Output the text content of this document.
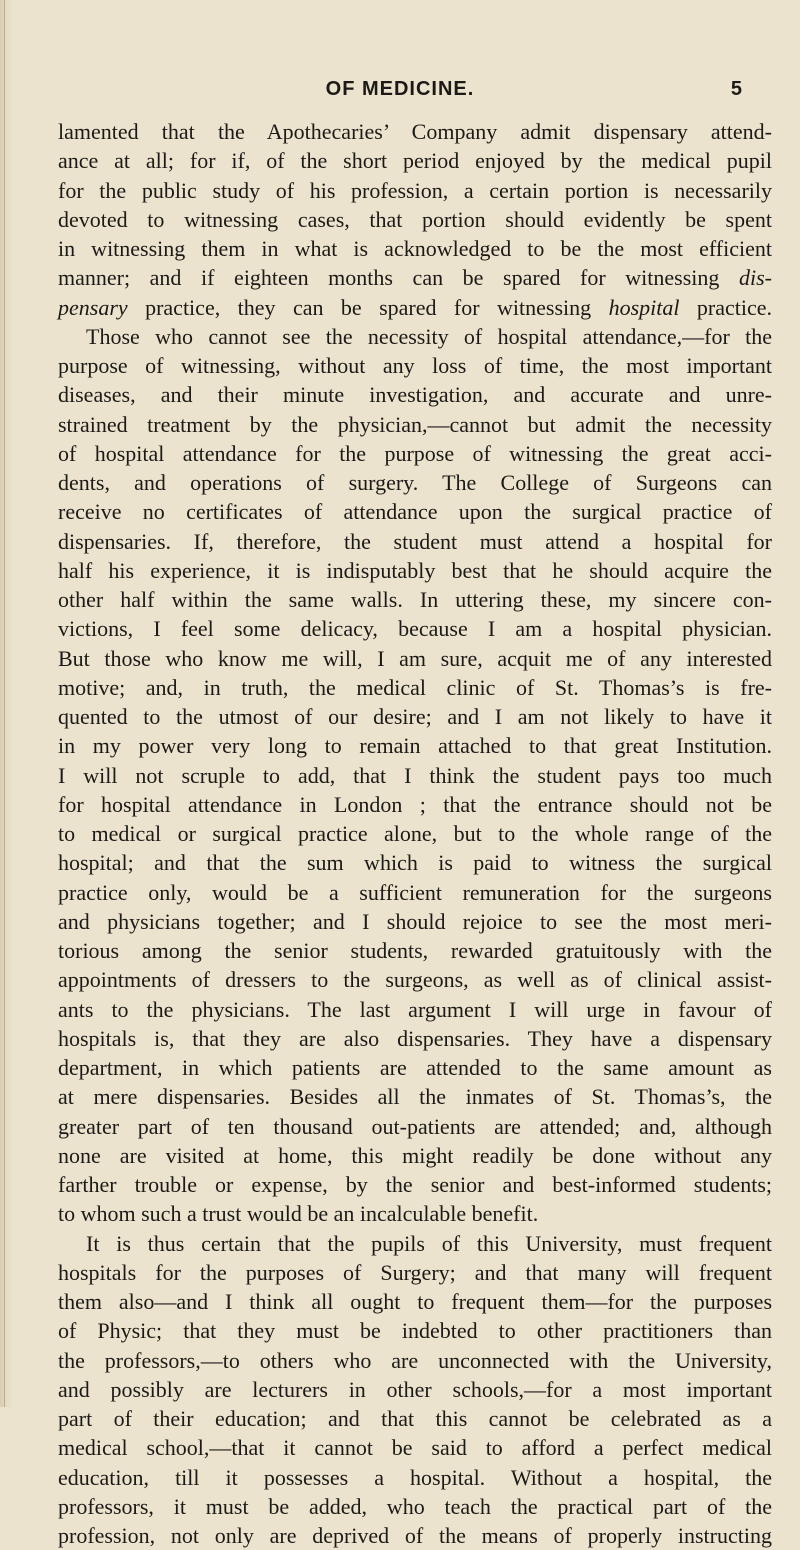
OF MEDICINE.	5
lamented that the Apothecaries’ Company admit dispensary attend-
ance at all; for if, of the short period enjoyed by the medical pupil
for the public study of his profession, a certain portion is necessarily
devoted to witnessing cases, that portion should evidently be spent
in witnessing them in what is acknowledged to be the most efficient
manner; and if eighteen months can be spared for witnessing dis-
pensary practice, they can be spared for witnessing hospital practice.
Those who cannot see the necessity of hospital attendance,—for the
purpose of witnessing, without any loss of time, the most important
diseases, and their minute investigation, and accurate and unre-
strained treatment by the physician,—cannot but admit the necessity
of hospital attendance for the purpose of witnessing the great acci-
dents, and operations of surgery. The College of Surgeons can
receive no certificates of attendance upon the surgical practice of
dispensaries. If, therefore, the student must attend a hospital for
half his experience, it is indisputably best that he should acquire the
other half within the same walls. In uttering these, my sincere con-
victions, I feel some delicacy, because I am a hospital physician.
But those who know me will, I am sure, acquit me of any interested
motive; and, in truth, the medical clinic of St. Thomas’s is fre-
quented to the utmost of our desire; and I am not likely to have it
in my power very long to remain attached to that great Institution.
I will not scruple to add, that I think the student pays too much
for hospital attendance in London ; that the entrance should not be
to medical or surgical practice alone, but to the whole range of the
hospital; and that the sum which is paid to witness the surgical
practice only, would be a sufficient remuneration for the surgeons
and physicians together; and I should rejoice to see the most meri-
torious among the senior students, rewarded gratuitously with the
appointments of dressers to the surgeons, as well as of clinical assist-
ants to the physicians. The last argument I will urge in favour of
hospitals is, that they are also dispensaries. They have a dispensary
department, in which patients are attended to the same amount as
at mere dispensaries. Besides all the inmates of St. Thomas’s, the
greater part of ten thousand out-patients are attended; and, although
none are visited at home, this might readily be done without any
farther trouble or expense, by the senior and best-informed students;
to whom such a trust would be an incalculable benefit.
It is thus certain that the pupils of this University, must frequent
hospitals for the purposes of Surgery; and that many will frequent
them also—and I think all ought to frequent them—for the purposes
of Physic; that they must be indebted to other practitioners than
the professors,—to others who are unconnected with the University,
and possibly are lecturers in other schools,—for a most important
part of their education; and that this cannot be celebrated as a
medical school,—that it cannot be said to afford a perfect medical
education, till it possesses a hospital. Without a hospital, the
professors, it must be added, who teach the practical part of the
profession, not only are deprived of the means of properly instructing
